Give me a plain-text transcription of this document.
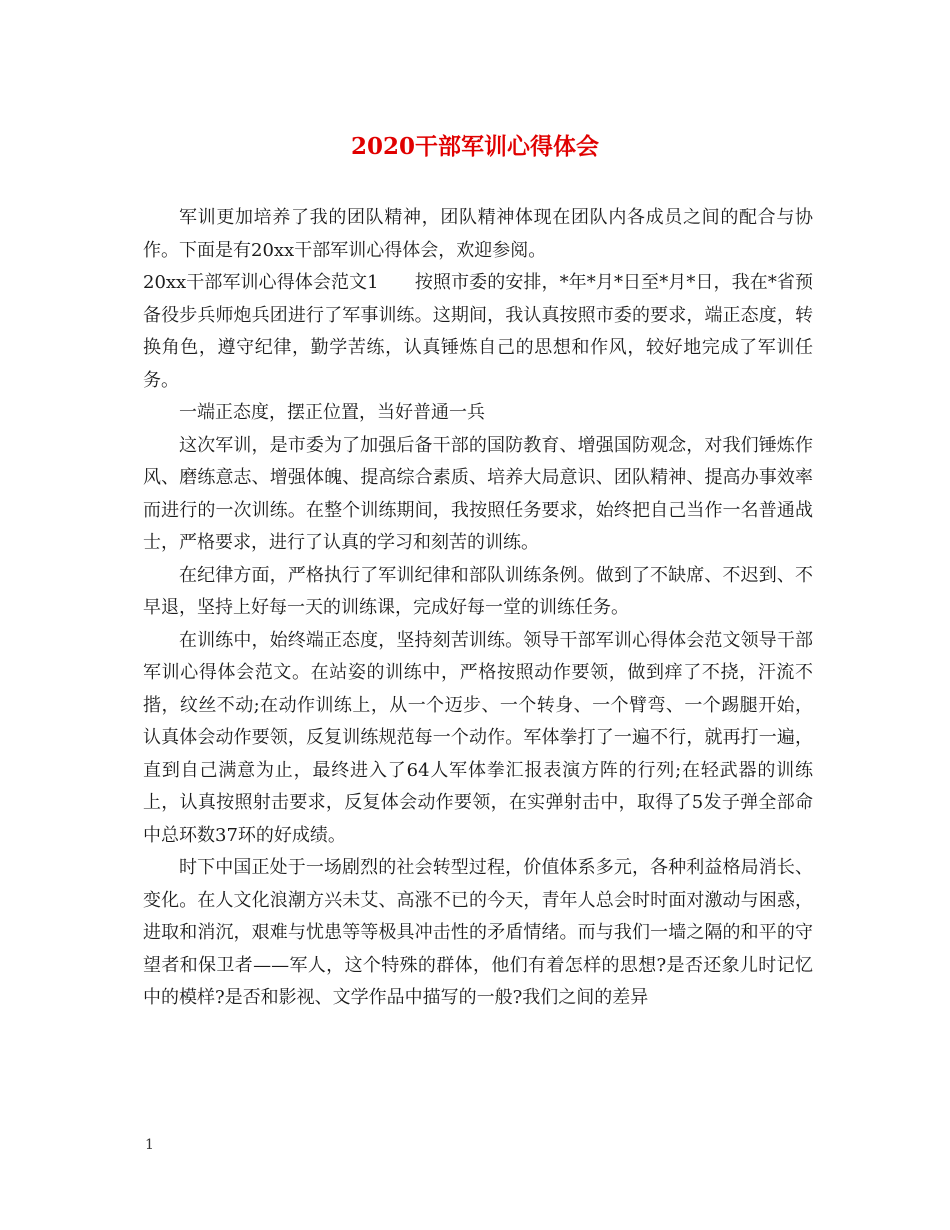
2020干部军训心得体会

军训更加培养了我的团队精神，团队精神体现在团队内各成员之间的配合与协作。下面是有20xx干部军训心得体会，欢迎参阅。

20xx干部军训心得体会范文1　　按照市委的安排，*年*月*日至*月*日，我在*省预备役步兵师炮兵团进行了军事训练。这期间，我认真按照市委的要求，端正态度，转换角色，遵守纪律，勤学苦练，认真锤炼自己的思想和作风，较好地完成了军训任务。

一端正态度，摆正位置，当好普通一兵

这次军训，是市委为了加强后备干部的国防教育、增强国防观念，对我们锤炼作风、磨练意志、增强体魄、提高综合素质、培养大局意识、团队精神、提高办事效率而进行的一次训练。在整个训练期间，我按照任务要求，始终把自己当作一名普通战士，严格要求，进行了认真的学习和刻苦的训练。

在纪律方面，严格执行了军训纪律和部队训练条例。做到了不缺席、不迟到、不早退，坚持上好每一天的训练课，完成好每一堂的训练任务。

在训练中，始终端正态度，坚持刻苦训练。领导干部军训心得体会范文领导干部军训心得体会范文。在站姿的训练中，严格按照动作要领，做到痒了不挠，汗流不揩，纹丝不动;在动作训练上，从一个迈步、一个转身、一个臂弯、一个踢腿开始，认真体会动作要领，反复训练规范每一个动作。军体拳打了一遍不行，就再打一遍，直到自己满意为止，最终进入了64人军体拳汇报表演方阵的行列;在轻武器的训练上，认真按照射击要求，反复体会动作要领，在实弹射击中，取得了5发子弹全部命中总环数37环的好成绩。

时下中国正处于一场剧烈的社会转型过程，价值体系多元，各种利益格局消长、变化。在人文化浪潮方兴未艾、高涨不已的今天，青年人总会时时面对激动与困惑，进取和消沉，艰难与忧患等等极具冲击性的矛盾情绪。而与我们一墙之隔的和平的守望者和保卫者——军人，这个特殊的群体，他们有着怎样的思想?是否还象儿时记忆中的模样?是否和影视、文学作品中描写的一般?我们之间的差异

1
